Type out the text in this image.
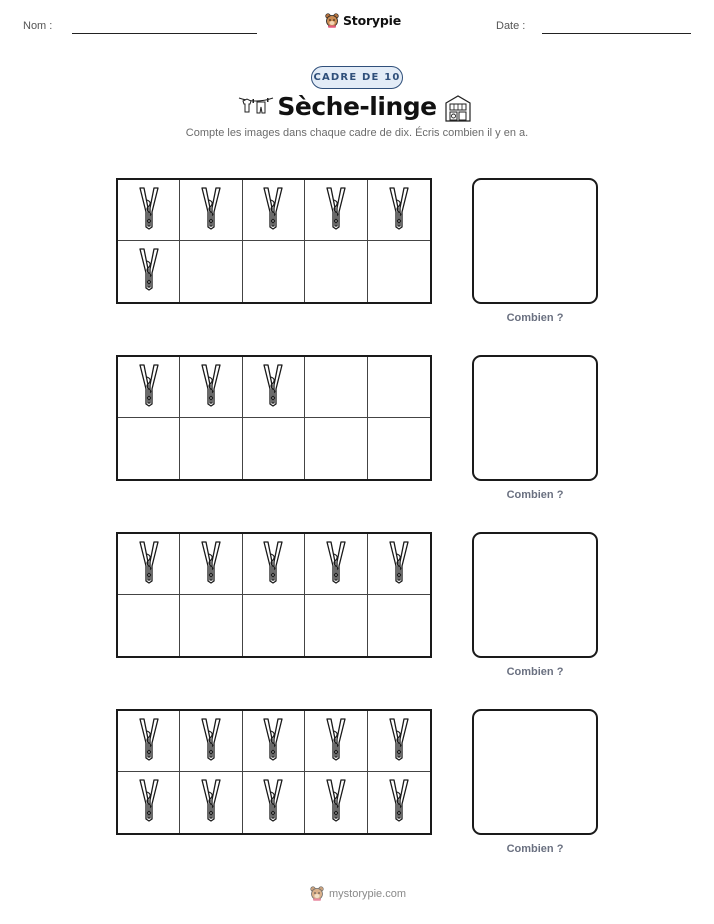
Nom :	Storypie	Date :
CADRE DE 10
Sèche-linge
Compte les images dans chaque cadre de dix. Écris combien il y en a.
Combien ?
Combien ?
Combien ?
Combien ?
mystorypie.com
